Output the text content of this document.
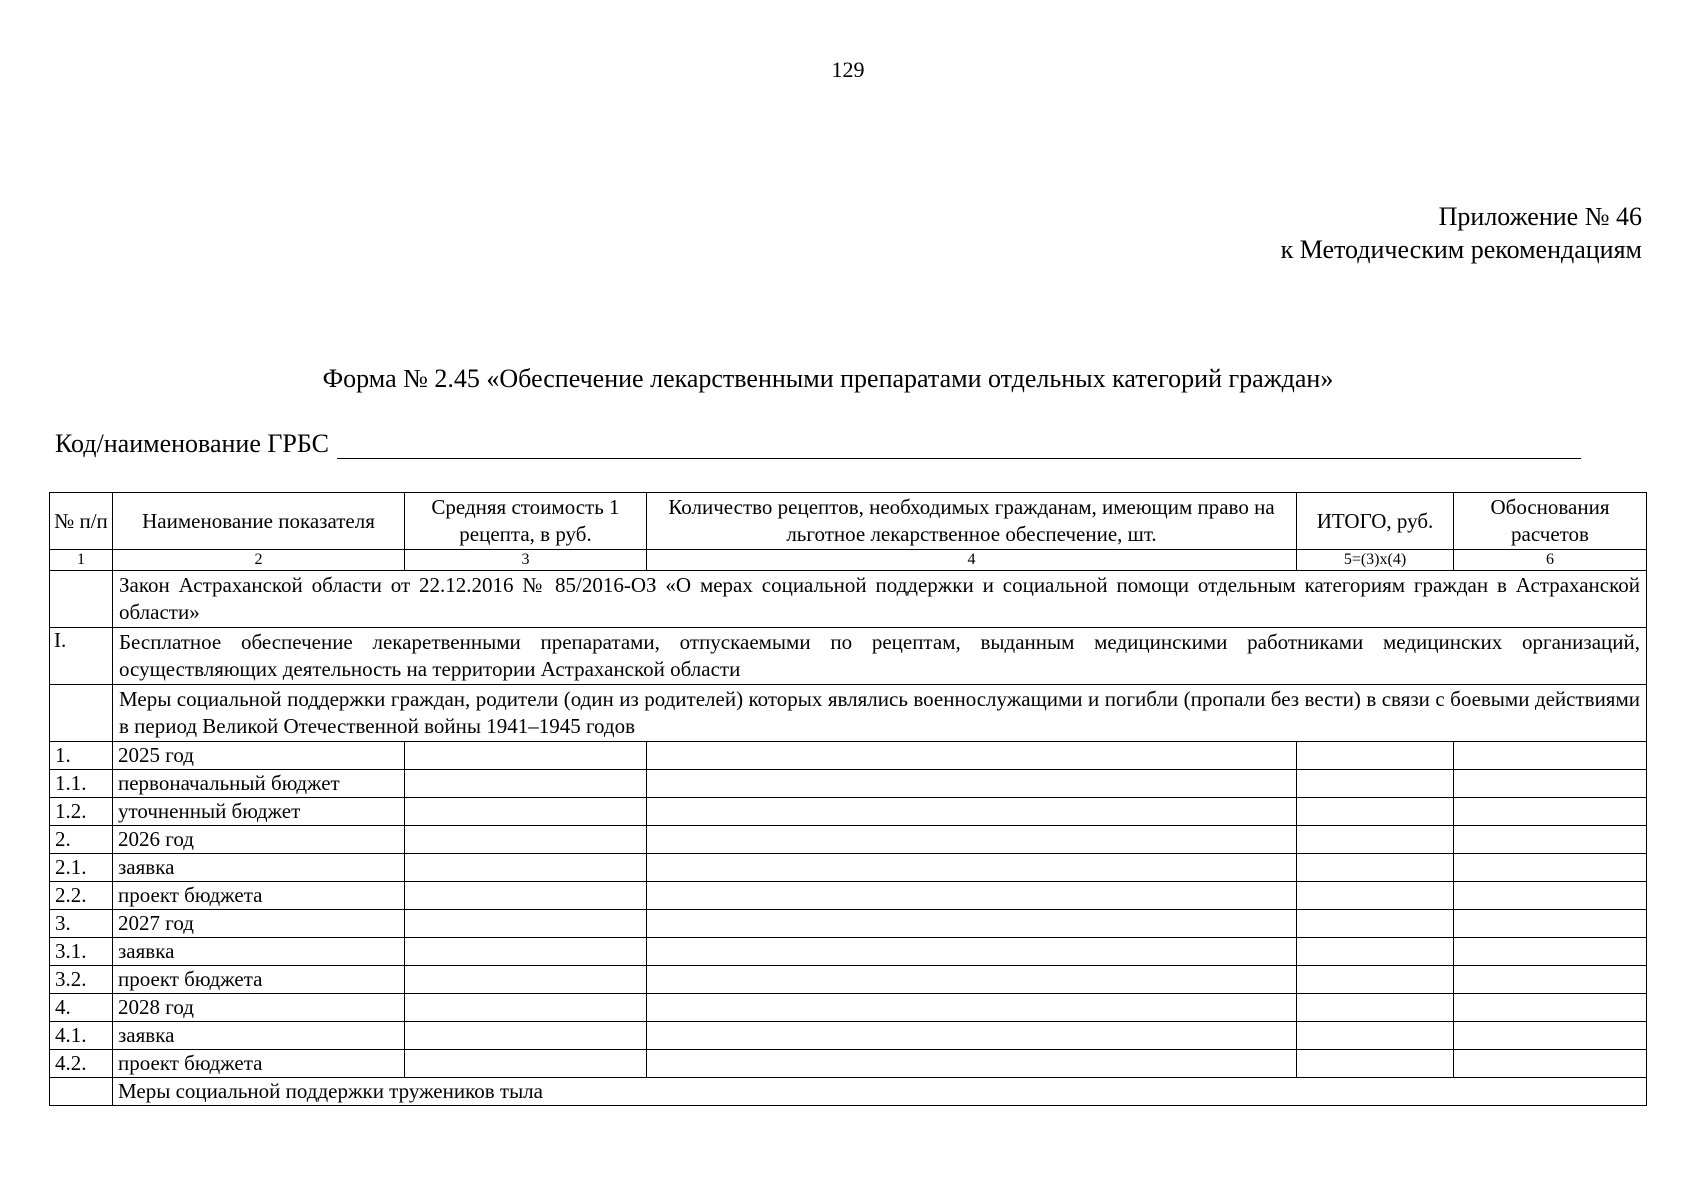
129
Приложение № 46
к Методическим рекомендациям
Форма № 2.45 «Обеспечение лекарственными препаратами отдельных категорий граждан»
Код/наименование ГРБС
№ п/п	Наименование показателя	Средняя стоимость 1 рецепта, в руб.	Количество рецептов, необходимых гражданам, имеющим право на льготное лекарственное обеспечение, шт.	ИТОГО, руб.	Обоснования расчетов
1	2	3	4	5=(3)x(4)	6
	Закон Астраханской области от 22.12.2016 № 85/2016-ОЗ «О мерах социальной поддержки и социальной помощи отдельным категориям граждан в Астраханской области»				
I.	Бесплатное обеспечение лекаретвенными препаратами, отпускаемыми по рецептам, выданным медицинскими работниками медицинских организаций, осуществляющих деятельность на территории Астраханской области				
	Меры социальной поддержки граждан, родители (один из родителей) которых являлись военнослужащими и погибли (пропали без вести) в связи с боевыми действиями в период Великой Отечественной войны 1941–1945 годов				
1.	2025 год				
1.1.	первоначальный бюджет				
1.2.	уточненный бюджет				
2.	2026 год				
2.1.	заявка				
2.2.	проект бюджета				
3.	2027 год				
3.1.	заявка				
3.2.	проект бюджета				
4.	2028 год				
4.1.	заявка				
4.2.	проект бюджета				
	Меры социальной поддержки тружеников тыла				
